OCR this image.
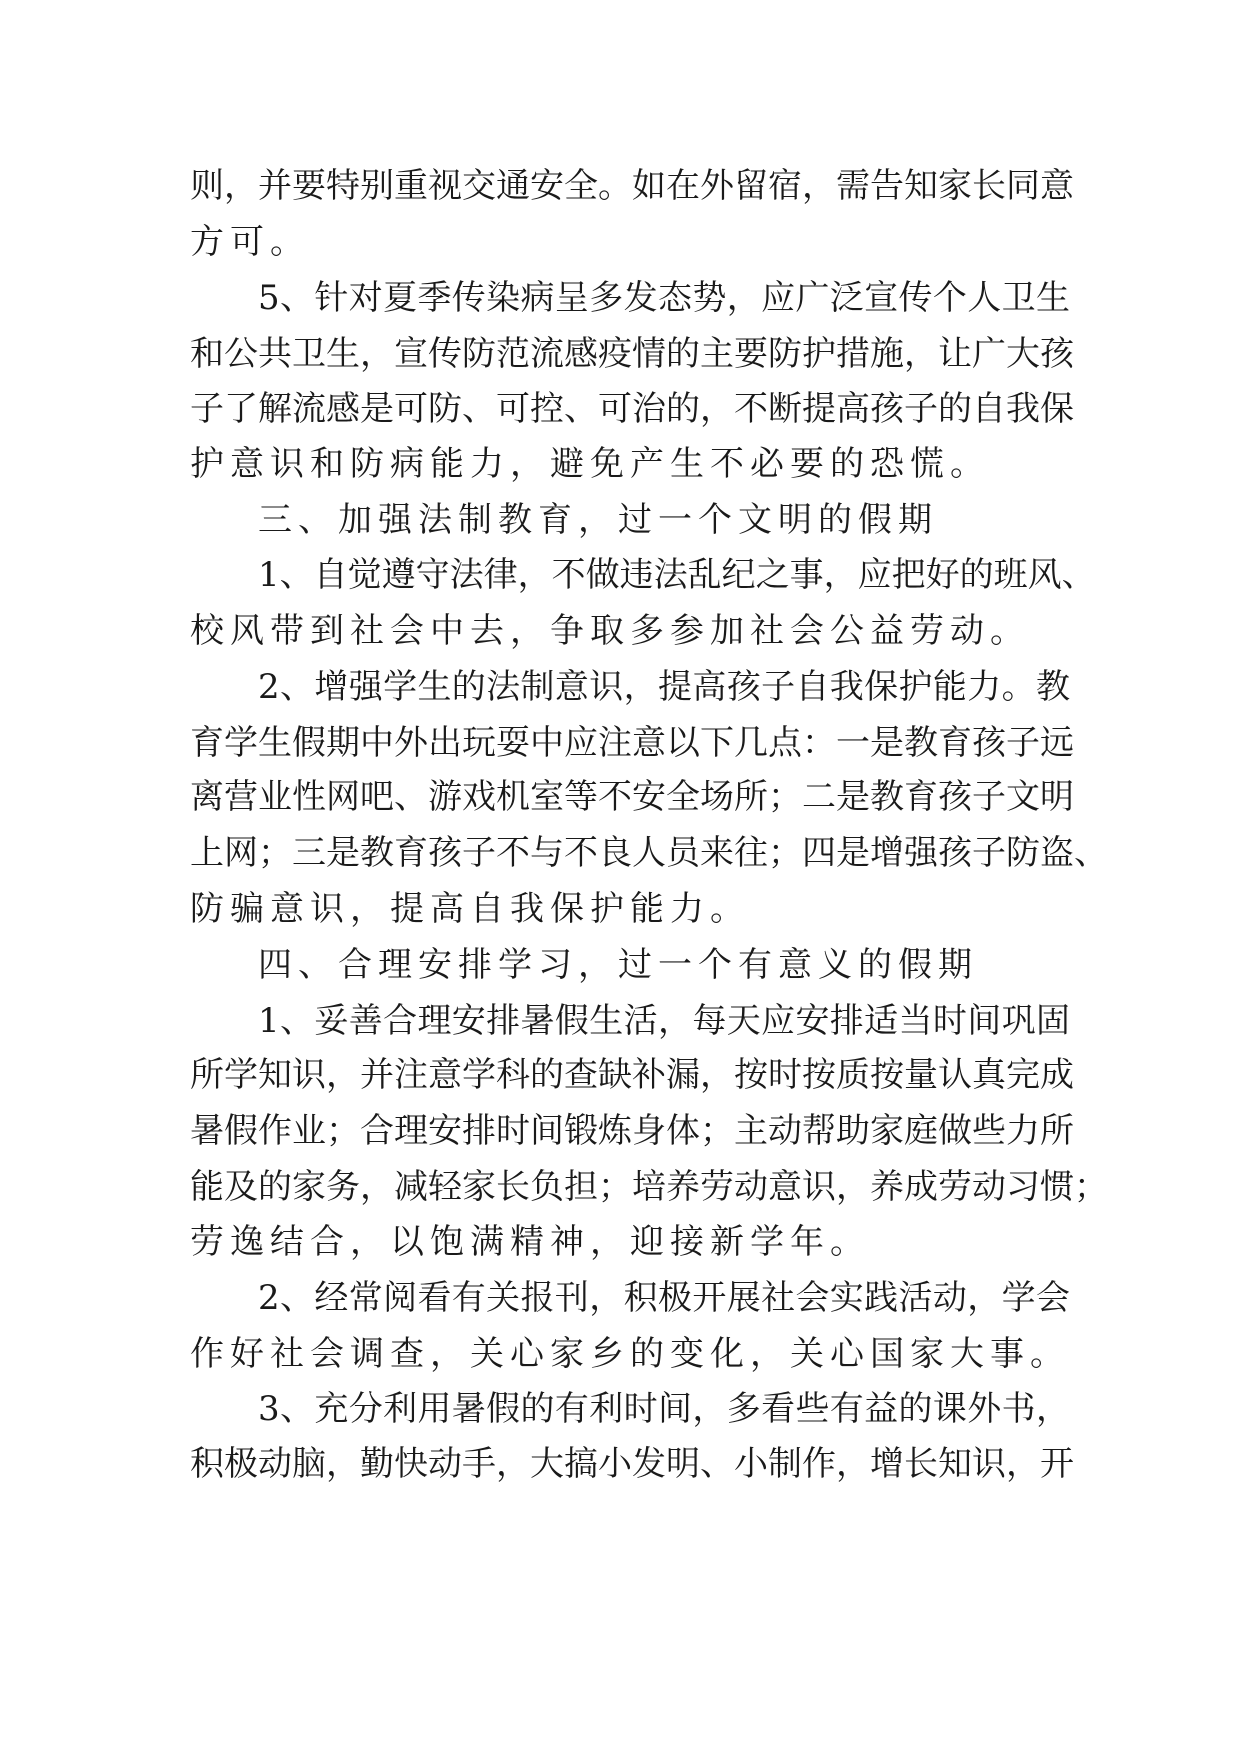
则，并要特别重视交通安全。如在外留宿，需告知家长同意
方可。
5、针对夏季传染病呈多发态势，应广泛宣传个人卫生
和公共卫生，宣传防范流感疫情的主要防护措施，让广大孩
子了解流感是可防、可控、可治的，不断提高孩子的自我保
护意识和防病能力，避免产生不必要的恐慌。
三、加强法制教育，过一个文明的假期
1、自觉遵守法律，不做违法乱纪之事，应把好的班风、
校风带到社会中去，争取多参加社会公益劳动。
2、增强学生的法制意识，提高孩子自我保护能力。教
育学生假期中外出玩耍中应注意以下几点：一是教育孩子远
离营业性网吧、游戏机室等不安全场所；二是教育孩子文明
上网；三是教育孩子不与不良人员来往；四是增强孩子防盗、
防骗意识，提高自我保护能力。
四、合理安排学习，过一个有意义的假期
1、妥善合理安排暑假生活，每天应安排适当时间巩固
所学知识，并注意学科的查缺补漏，按时按质按量认真完成
暑假作业；合理安排时间锻炼身体；主动帮助家庭做些力所
能及的家务，减轻家长负担；培养劳动意识，养成劳动习惯；
劳逸结合，以饱满精神，迎接新学年。
2、经常阅看有关报刊，积极开展社会实践活动，学会
作好社会调查，关心家乡的变化，关心国家大事。
3、充分利用暑假的有利时间，多看些有益的课外书，
积极动脑，勤快动手，大搞小发明、小制作，增长知识，开
